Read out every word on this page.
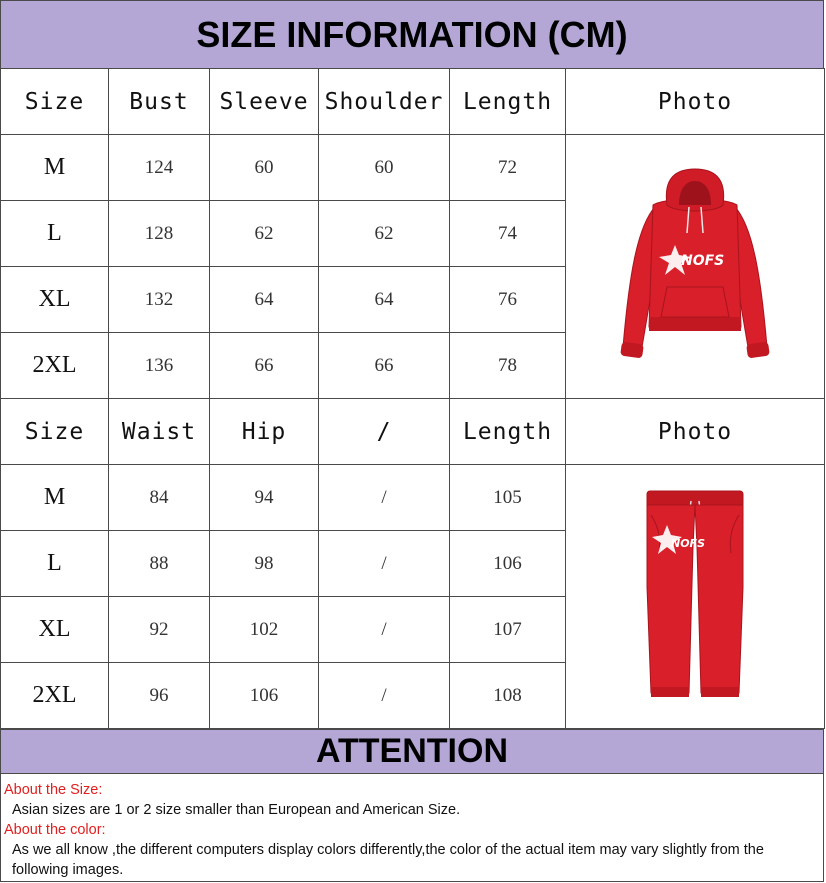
SIZE INFORMATION (CM)
Size	Bust	Sleeve	Shoulder	Length	Photo
M	124	60	60	72	NOFS

L	128	62	62	74	
XL	132	64	64	76	
2XL	136	66	66	78	
Size	Waist	Hip	/	Length	Photo
M	84	94	/	105	NOFS

L	88	98	/	106	
XL	92	102	/	107	
2XL	96	106	/	108	
ATTENTION
About the Size:
Asian sizes are 1 or 2 size smaller than European and American Size.
About the color:
As we all know ,the different computers display colors differently,the color of the actual item may vary slightly from the following images.
